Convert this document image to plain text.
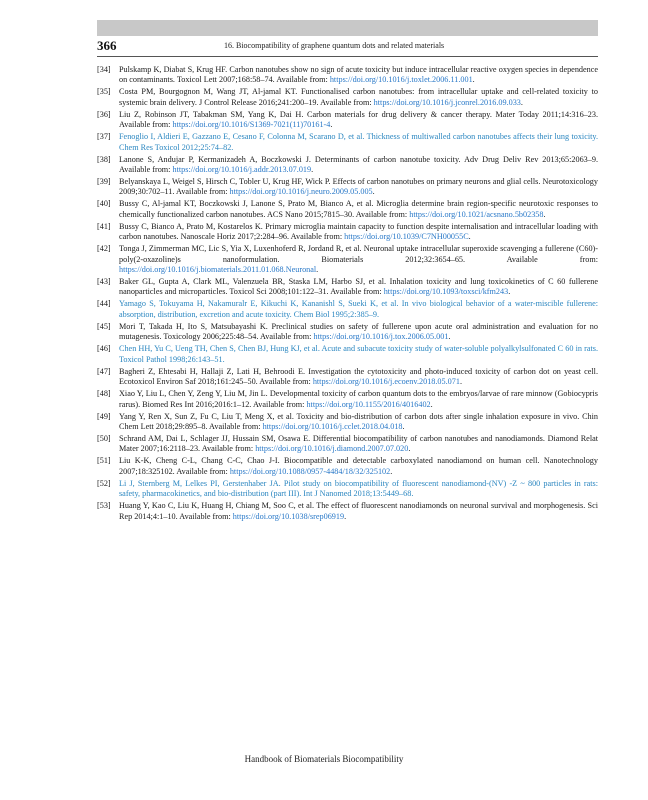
366	16. Biocompatibility of graphene quantum dots and related materials
[34]	Pulskamp K, Diabat S, Krug HF. Carbon nanotubes show no sign of acute toxicity but induce intracellular reactive oxygen species in dependence on contaminants. Toxicol Lett 2007;168:58–74. Available from: https://doi.org/10.1016/j.toxlet.2006.11.001.
[35]	Costa PM, Bourgognon M, Wang JT, Al-jamal KT. Functionalised carbon nanotubes: from intracellular uptake and cell-related toxicity to systemic brain delivery. J Control Release 2016;241:200–19. Available from: https://doi.org/10.1016/j.jconrel.2016.09.033.
[36]	Liu Z, Robinson JT, Tabakman SM, Yang K, Dai H. Carbon materials for drug delivery & cancer therapy. Mater Today 2011;14:316–23. Available from: https://doi.org/10.1016/S1369-7021(11)70161-4.
[37]	Fenoglio I, Aldieri E, Gazzano E, Cesano F, Colonna M, Scarano D, et al. Thickness of multiwalled carbon nanotubes affects their lung toxicity. Chem Res Toxicol 2012;25:74–82.
[38]	Lanone S, Andujar P, Kermanizadeh A, Boczkowski J. Determinants of carbon nanotube toxicity. Adv Drug Deliv Rev 2013;65:2063–9. Available from: https://doi.org/10.1016/j.addr.2013.07.019.
[39]	Belyanskaya L, Weigel S, Hirsch C, Tobler U, Krug HF, Wick P. Effects of carbon nanotubes on primary neurons and glial cells. Neurotoxicology 2009;30:702–11. Available from: https://doi.org/10.1016/j.neuro.2009.05.005.
[40]	Bussy C, Al-jamal KT, Boczkowski J, Lanone S, Prato M, Bianco A, et al. Microglia determine brain region-specific neurotoxic responses to chemically functionalized carbon nanotubes. ACS Nano 2015;7815–30. Available from: https://doi.org/10.1021/acsnano.5b02358.
[41]	Bussy C, Bianco A, Prato M, Kostarelos K. Primary microglia maintain capacity to function despite internalisation and intracellular loading with carbon nanotubes. Nanoscale Horiz 2017;2:284–96. Available from: https://doi.org/10.1039/C7NH00055C.
[42]	Tonga J, Zimmerman MC, Lic S, Yia X, Luxenhoferd R, Jordand R, et al. Neuronal uptake intracellular superoxide scavenging a fullerene (C60)-poly(2-oxazoline)s nanoformulation. Biomaterials 2012;32:3654–65. Available from: https://doi.org/10.1016/j.biomaterials.2011.01.068.Neuronal.
[43]	Baker GL, Gupta A, Clark ML, Valenzuela BR, Staska LM, Harbo SJ, et al. Inhalation toxicity and lung toxicokinetics of C 60 fullerene nanoparticles and microparticles. Toxicol Sci 2008;101:122–31. Available from: https://doi.org/10.1093/toxsci/kfm243.
[44]	Yamago S, Tokuyama H, Nakamuralr E, Kikuchi K, Kananishl S, Sueki K, et al. In vivo biological behavior of a water-miscible fullerene: absorption, distribution, excretion and acute toxicity. Chem Biol 1995;2:385–9.
[45]	Mori T, Takada H, Ito S, Matsubayashi K. Preclinical studies on safety of fullerene upon acute oral administration and evaluation for no mutagenesis. Toxicology 2006;225:48–54. Available from: https://doi.org/10.1016/j.tox.2006.05.001.
[46]	Chen HH, Yu C, Ueng TH, Chen S, Chen BJ, Hung KJ, et al. Acute and subacute toxicity study of water-soluble polyalkylsulfonated C 60 in rats. Toxicol Pathol 1998;26:143–51.
[47]	Bagheri Z, Ehtesabi H, Hallaji Z, Lati H, Behroodi E. Investigation the cytotoxicity and photo-induced toxicity of carbon dot on yeast cell. Ecotoxicol Environ Saf 2018;161:245–50. Available from: https://doi.org/10.1016/j.ecoenv.2018.05.071.
[48]	Xiao Y, Liu L, Chen Y, Zeng Y, Liu M, Jin L. Developmental toxicity of carbon quantum dots to the embryos/larvae of rare minnow (Gobiocypris rarus). Biomed Res Int 2016;2016:1–12. Available from: https://doi.org/10.1155/2016/4016402.
[49]	Yang Y, Ren X, Sun Z, Fu C, Liu T, Meng X, et al. Toxicity and bio-distribution of carbon dots after single inhalation exposure in vivo. Chin Chem Lett 2018;29:895–8. Available from: https://doi.org/10.1016/j.cclet.2018.04.018.
[50]	Schrand AM, Dai L, Schlager JJ, Hussain SM, Osawa E. Differential biocompatibility of carbon nanotubes and nanodiamonds. Diamond Relat Mater 2007;16:2118–23. Available from: https://doi.org/10.1016/j.diamond.2007.07.020.
[51]	Liu K-K, Cheng C-L, Chang C-C, Chao J-I. Biocompatible and detectable carboxylated nanodiamond on human cell. Nanotechnology 2007;18:325102. Available from: https://doi.org/10.1088/0957-4484/18/32/325102.
[52]	Li J, Sternberg M, Lelkes PI, Gerstenhaber JA. Pilot study on biocompatibility of fluorescent nanodiamond-(NV) -Z ~ 800 particles in rats: safety, pharmacokinetics, and bio-distribution (part III). Int J Nanomed 2018;13:5449–68.
[53]	Huang Y, Kao C, Liu K, Huang H, Chiang M, Soo C, et al. The effect of fluorescent nanodiamonds on neuronal survival and morphogenesis. Sci Rep 2014;4:1–10. Available from: https://doi.org/10.1038/srep06919.
Handbook of Biomaterials Biocompatibility
